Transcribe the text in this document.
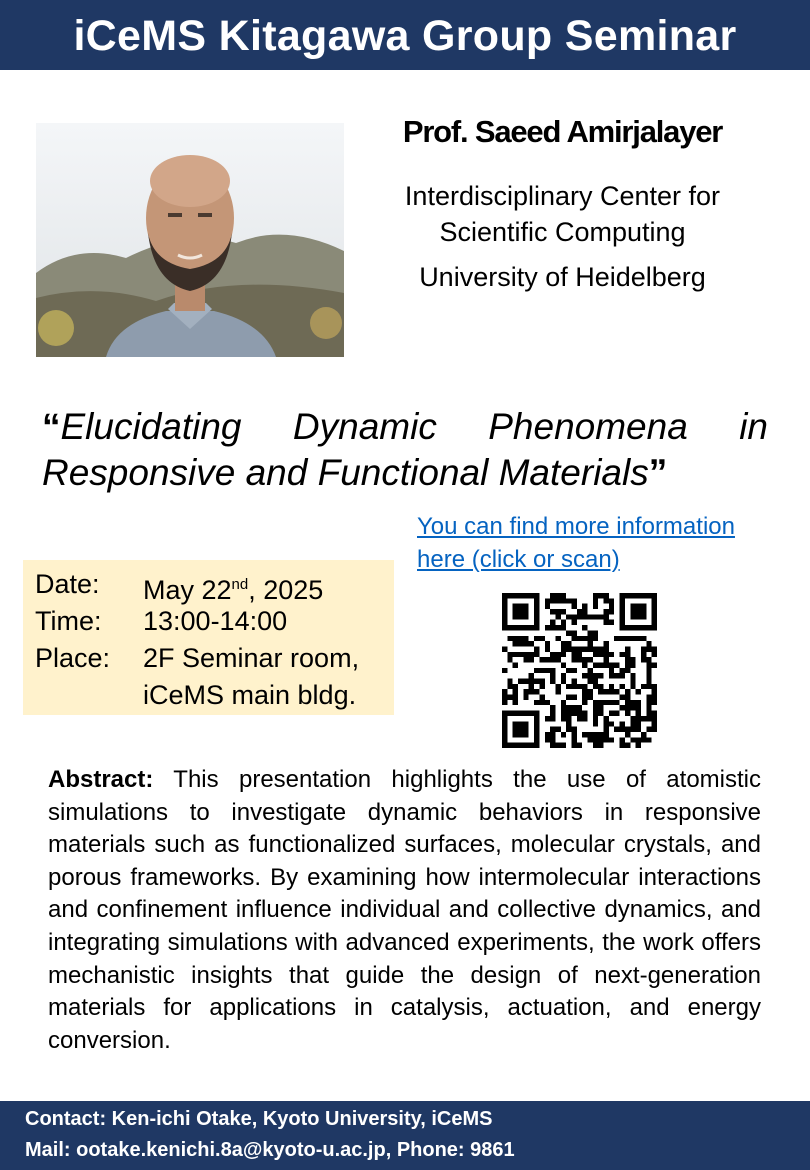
iCeMS Kitagawa Group Seminar
Prof. Saeed Amirjalayer
Interdisciplinary Center for
Scientific Computing
University of Heidelberg
“Elucidating Dynamic Phenomena in Responsive and Functional Materials”
You can find more information
here (click or scan)
Date:	May 22nd, 2025
Time:	13:00-14:00
Place:	2F Seminar room,
iCeMS main bldg.
Abstract: This presentation highlights the use of atomistic simulations to investigate dynamic behaviors in responsive materials such as functionalized surfaces, molecular crystals, and porous frameworks. By examining how intermolecular interactions and confinement influence individual and collective dynamics, and integrating simulations with advanced experiments, the work offers mechanistic insights that guide the design of next-generation materials for applications in catalysis, actuation, and energy conversion.
Contact: Ken-ichi Otake, Kyoto University, iCeMS
Mail: ootake.kenichi.8a@kyoto-u.ac.jp, Phone: 9861
